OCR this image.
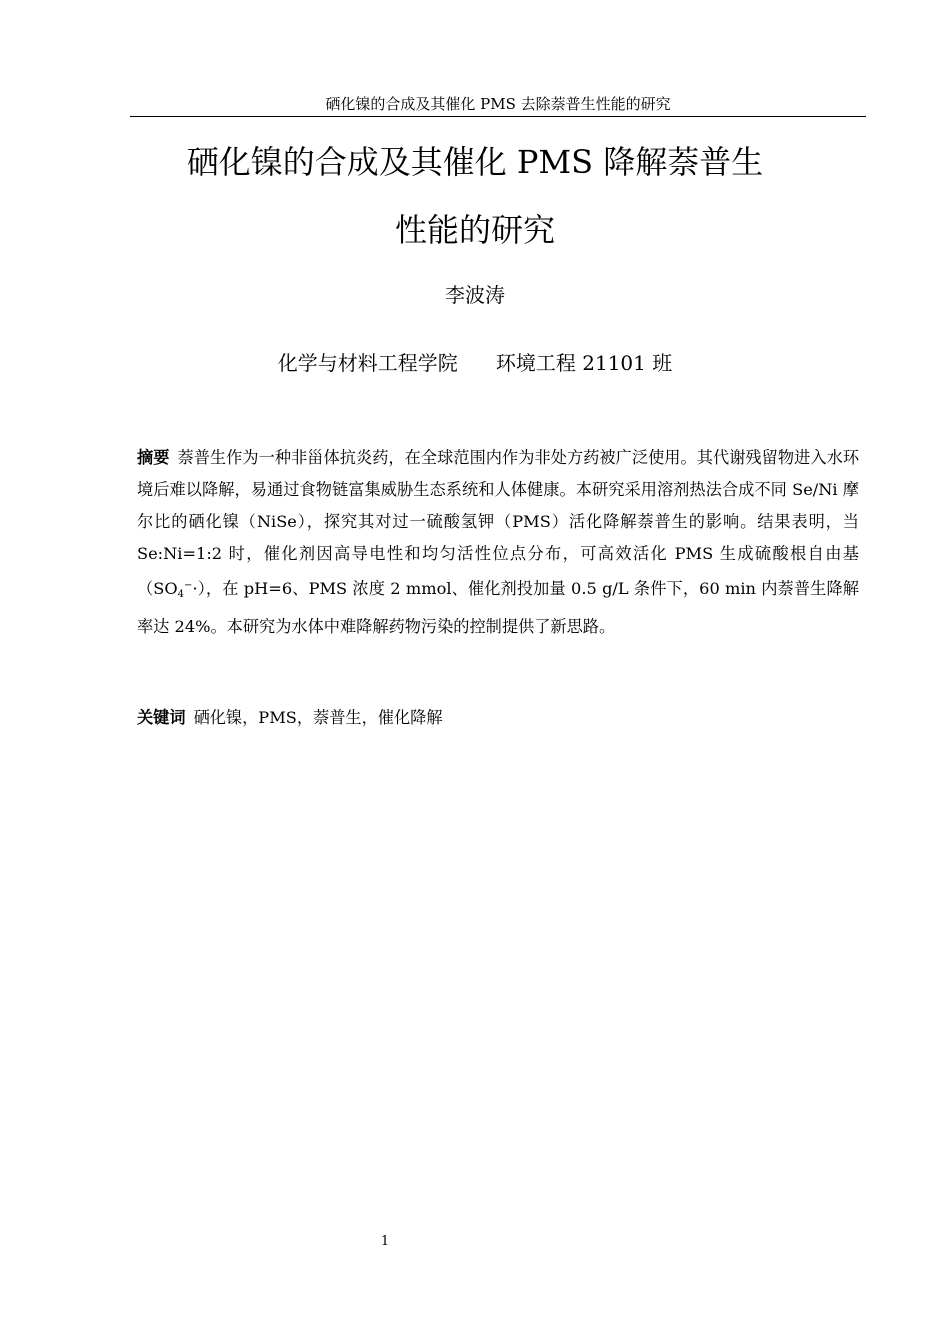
硒化镍的合成及其催化 PMS 去除萘普生性能的研究
硒化镍的合成及其催化 PMS 降解萘普生
性能的研究
李波涛
化学与材料工程学院 环境工程 21101 班
摘要 萘普生作为一种非甾体抗炎药，在全球范围内作为非处方药被广泛使用。其代谢残留物进入水环境后难以降解，易通过食物链富集威胁生态系统和人体健康。本研究采用溶剂热法合成不同 Se/Ni 摩尔比的硒化镍（NiSe），探究其对过一硫酸氢钾（PMS）活化降解萘普生的影响。结果表明，当 Se:Ni=1:2 时，催化剂因高导电性和均匀活性位点分布，可高效活化 PMS 生成硫酸根自由基$(SO_4^-\cdot)$，在 pH=6、PMS 浓度 2 mmol、催化剂投加量 0.5 g/L 条件下，60 min 内萘普生降解率达 24%。本研究为水体中难降解药物污染的控制提供了新思路。
关键词 硒化镍，PMS，萘普生，催化降解
1
